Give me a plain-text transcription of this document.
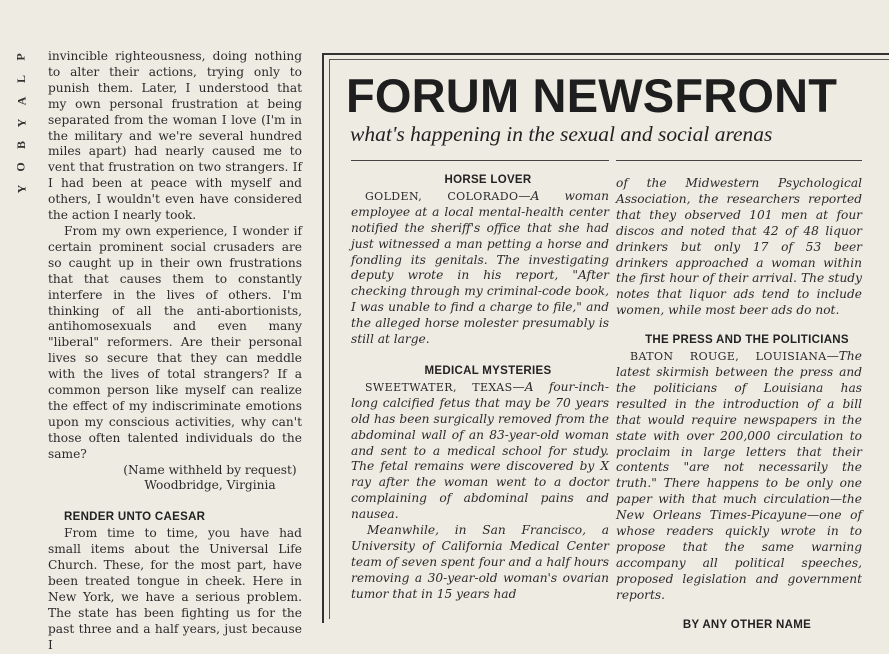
P
L
A
Y
B
O
Y

invincible righteousness, doing nothing to alter their actions, trying only to punish them. Later, I understood that my own personal frustration at being separated from the woman I love (I'm in the military and we're several hundred miles apart) had nearly caused me to vent that frustration on two strangers. If I had been at peace with myself and others, I wouldn't even have considered the action I nearly took.

From my own experience, I wonder if certain prominent social crusaders are so caught up in their own frustrations that that causes them to constantly interfere in the lives of others. I'm thinking of all the anti-abortionists, antihomosexuals and even many "liberal" reformers. Are their personal lives so secure that they can meddle with the lives of total strangers? If a common person like myself can realize the effect of my indiscriminate emotions upon my conscious activities, why can't those often talented individuals do the same?

(Name withheld by request)
Woodbridge, Virginia

RENDER UNTO CAESAR

From time to time, you have had small items about the Universal Life Church. These, for the most part, have been treated tongue in cheek. Here in New York, we have a serious problem. The state has been fighting us for the past three and a half years, just because I

FORUM NEWSFRONT
what's happening in the sexual and social arenas

HORSE LOVER

GOLDEN, COLORADO—A woman employee at a local mental-health center notified the sheriff's office that she had just witnessed a man petting a horse and fondling its genitals. The investigating deputy wrote in his report, "After checking through my criminal-code book, I was unable to find a charge to file," and the alleged horse molester presumably is still at large.

MEDICAL MYSTERIES

SWEETWATER, TEXAS—A four-inch-long calcified fetus that may be 70 years old has been surgically removed from the abdominal wall of an 83-year-old woman and sent to a medical school for study. The fetal remains were discovered by X ray after the woman went to a doctor complaining of abdominal pains and nausea.

Meanwhile, in San Francisco, a University of California Medical Center team of seven spent four and a half hours removing a 30-year-old woman's ovarian tumor that in 15 years had

of the Midwestern Psychological Association, the researchers reported that they observed 101 men at four discos and noted that 42 of 48 liquor drinkers but only 17 of 53 beer drinkers approached a woman within the first hour of their arrival. The study notes that liquor ads tend to include women, while most beer ads do not.

THE PRESS AND THE POLITICIANS

BATON ROUGE, LOUISIANA—The latest skirmish between the press and the politicians of Louisiana has resulted in the introduction of a bill that would require newspapers in the state with over 200,000 circulation to proclaim in large letters that their contents "are not necessarily the truth." There happens to be only one paper with that much circulation—the New Orleans Times-Picayune—one of whose readers quickly wrote in to propose that the same warning accompany all political speeches, proposed legislation and government reports.

BY ANY OTHER NAME
